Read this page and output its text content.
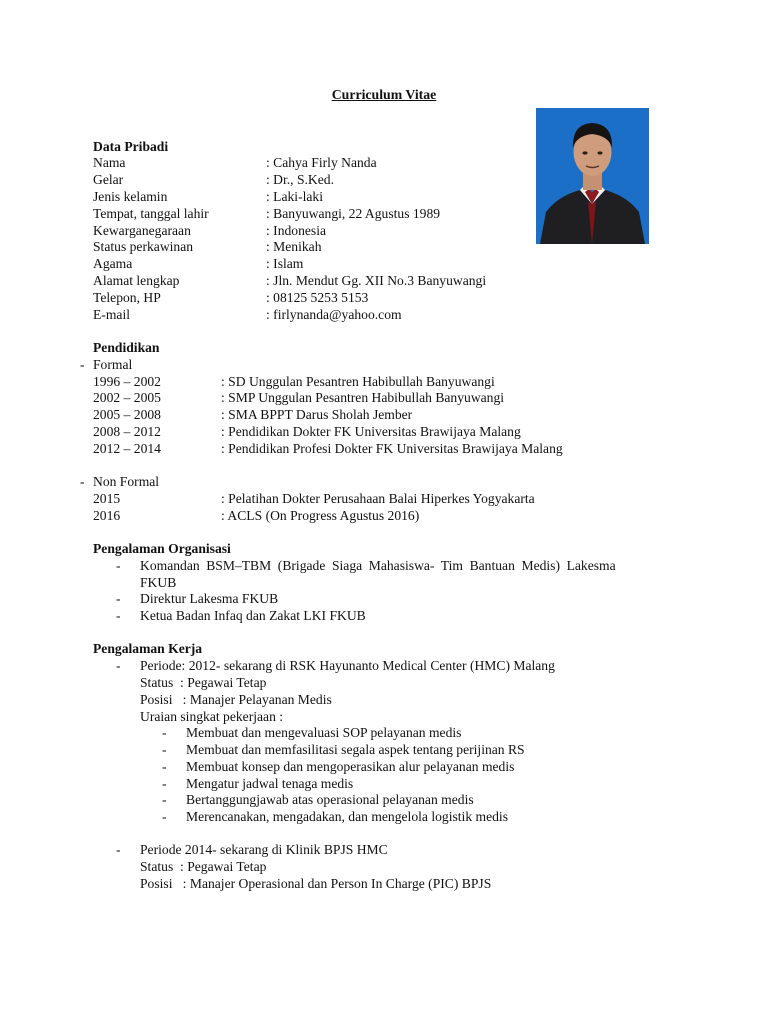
Curriculum Vitae
Data Pribadi
Nama	: Cahya Firly Nanda
Gelar	: Dr., S.Ked.
Jenis kelamin	: Laki-laki
Tempat, tanggal lahir	: Banyuwangi, 22 Agustus 1989
Kewarganegaraan	: Indonesia
Status perkawinan	: Menikah
Agama	: Islam
Alamat lengkap	: Jln. Mendut Gg. XII No.3 Banyuwangi
Telepon, HP	: 08125 5253 5153
E-mail	: firlynanda@yahoo.com
Pendidikan
- Formal
1996 – 2002	: SD Unggulan Pesantren Habibullah Banyuwangi
2002 – 2005	: SMP Unggulan Pesantren Habibullah Banyuwangi
2005 – 2008	: SMA BPPT Darus Sholah Jember
2008 – 2012	: Pendidikan Dokter FK Universitas Brawijaya Malang
2012 – 2014	: Pendidikan Profesi Dokter FK Universitas Brawijaya Malang
- Non Formal
2015	: Pelatihan Dokter Perusahaan Balai Hiperkes Yogyakarta
2016	: ACLS (On Progress Agustus 2016)
Pengalaman Organisasi
- Komandan BSM–TBM (Brigade Siaga Mahasiswa- Tim Bantuan Medis) Lakesma
FKUB
- Direktur Lakesma FKUB
- Ketua Badan Infaq dan Zakat LKI FKUB
Pengalaman Kerja
- Periode: 2012- sekarang di RSK Hayunanto Medical Center (HMC) Malang
Status  : Pegawai Tetap
Posisi   : Manajer Pelayanan Medis
Uraian singkat pekerjaan :
- Membuat dan mengevaluasi SOP pelayanan medis
- Membuat dan memfasilitasi segala aspek tentang perijinan RS
- Membuat konsep dan mengoperasikan alur pelayanan medis
- Mengatur jadwal tenaga medis
- Bertanggungjawab atas operasional pelayanan medis
- Merencanakan, mengadakan, dan mengelola logistik medis
- Periode 2014- sekarang di Klinik BPJS HMC
Status  : Pegawai Tetap
Posisi   : Manajer Operasional dan Person In Charge (PIC) BPJS
